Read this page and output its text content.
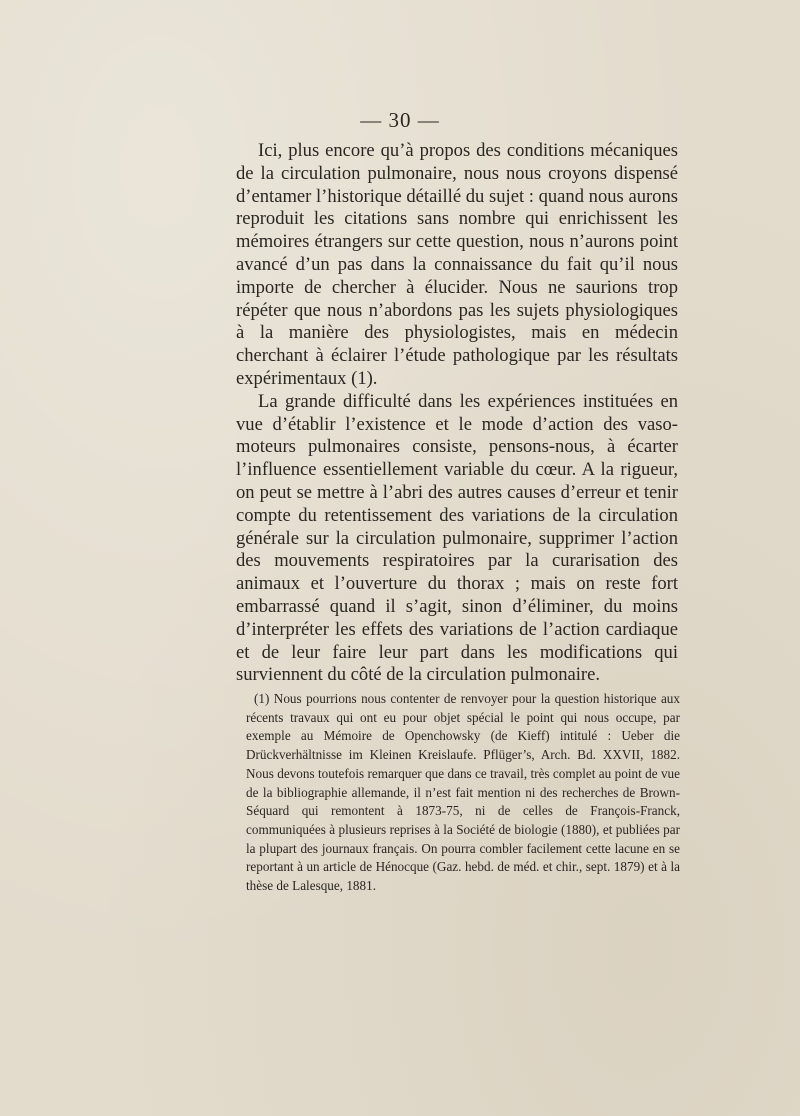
— 30 —

Ici, plus encore qu’à propos des conditions mécaniques de la circulation pulmonaire, nous nous croyons dispensé d’entamer l’historique détaillé du sujet : quand nous aurons reproduit les citations sans nombre qui enrichissent les mémoires étrangers sur cette question, nous n’aurons point avancé d’un pas dans la connaissance du fait qu’il nous importe de chercher à élucider. Nous ne saurions trop répéter que nous n’abordons pas les sujets physiologiques à la manière des physiologistes, mais en médecin cherchant à éclairer l’étude pathologique par les résultats expérimentaux (1).

La grande difficulté dans les expériences instituées en vue d’établir l’existence et le mode d’action des vaso-moteurs pulmonaires consiste, pensons-nous, à écarter l’influence essentiellement variable du cœur. A la rigueur, on peut se mettre à l’abri des autres causes d’erreur et tenir compte du retentissement des variations de la circulation générale sur la circulation pulmonaire, supprimer l’action des mouvements respiratoires par la curarisation des animaux et l’ouverture du thorax ; mais on reste fort embarrassé quand il s’agit, sinon d’éliminer, du moins d’interpréter les effets des variations de l’action cardiaque et de leur faire leur part dans les modifications qui surviennent du côté de la circulation pulmonaire.

(1) Nous pourrions nous contenter de renvoyer pour la question historique aux récents travaux qui ont eu pour objet spécial le point qui nous occupe, par exemple au Mémoire de Openchowsky (de Kieff) intitulé : Ueber die Drückverhältnisse im Kleinen Kreislaufe. Pflüger’s, Arch. Bd. XXVII, 1882. Nous devons toutefois remarquer que dans ce travail, très complet au point de vue de la bibliographie allemande, il n’est fait mention ni des recherches de Brown-Séquard qui remontent à 1873-75, ni de celles de François-Franck, communiquées à plusieurs reprises à la Société de biologie (1880), et publiées par la plupart des journaux français. On pourra combler facilement cette lacune en se reportant à un article de Hénocque (Gaz. hebd. de méd. et chir., sept. 1879) et à la thèse de Lalesque, 1881.
